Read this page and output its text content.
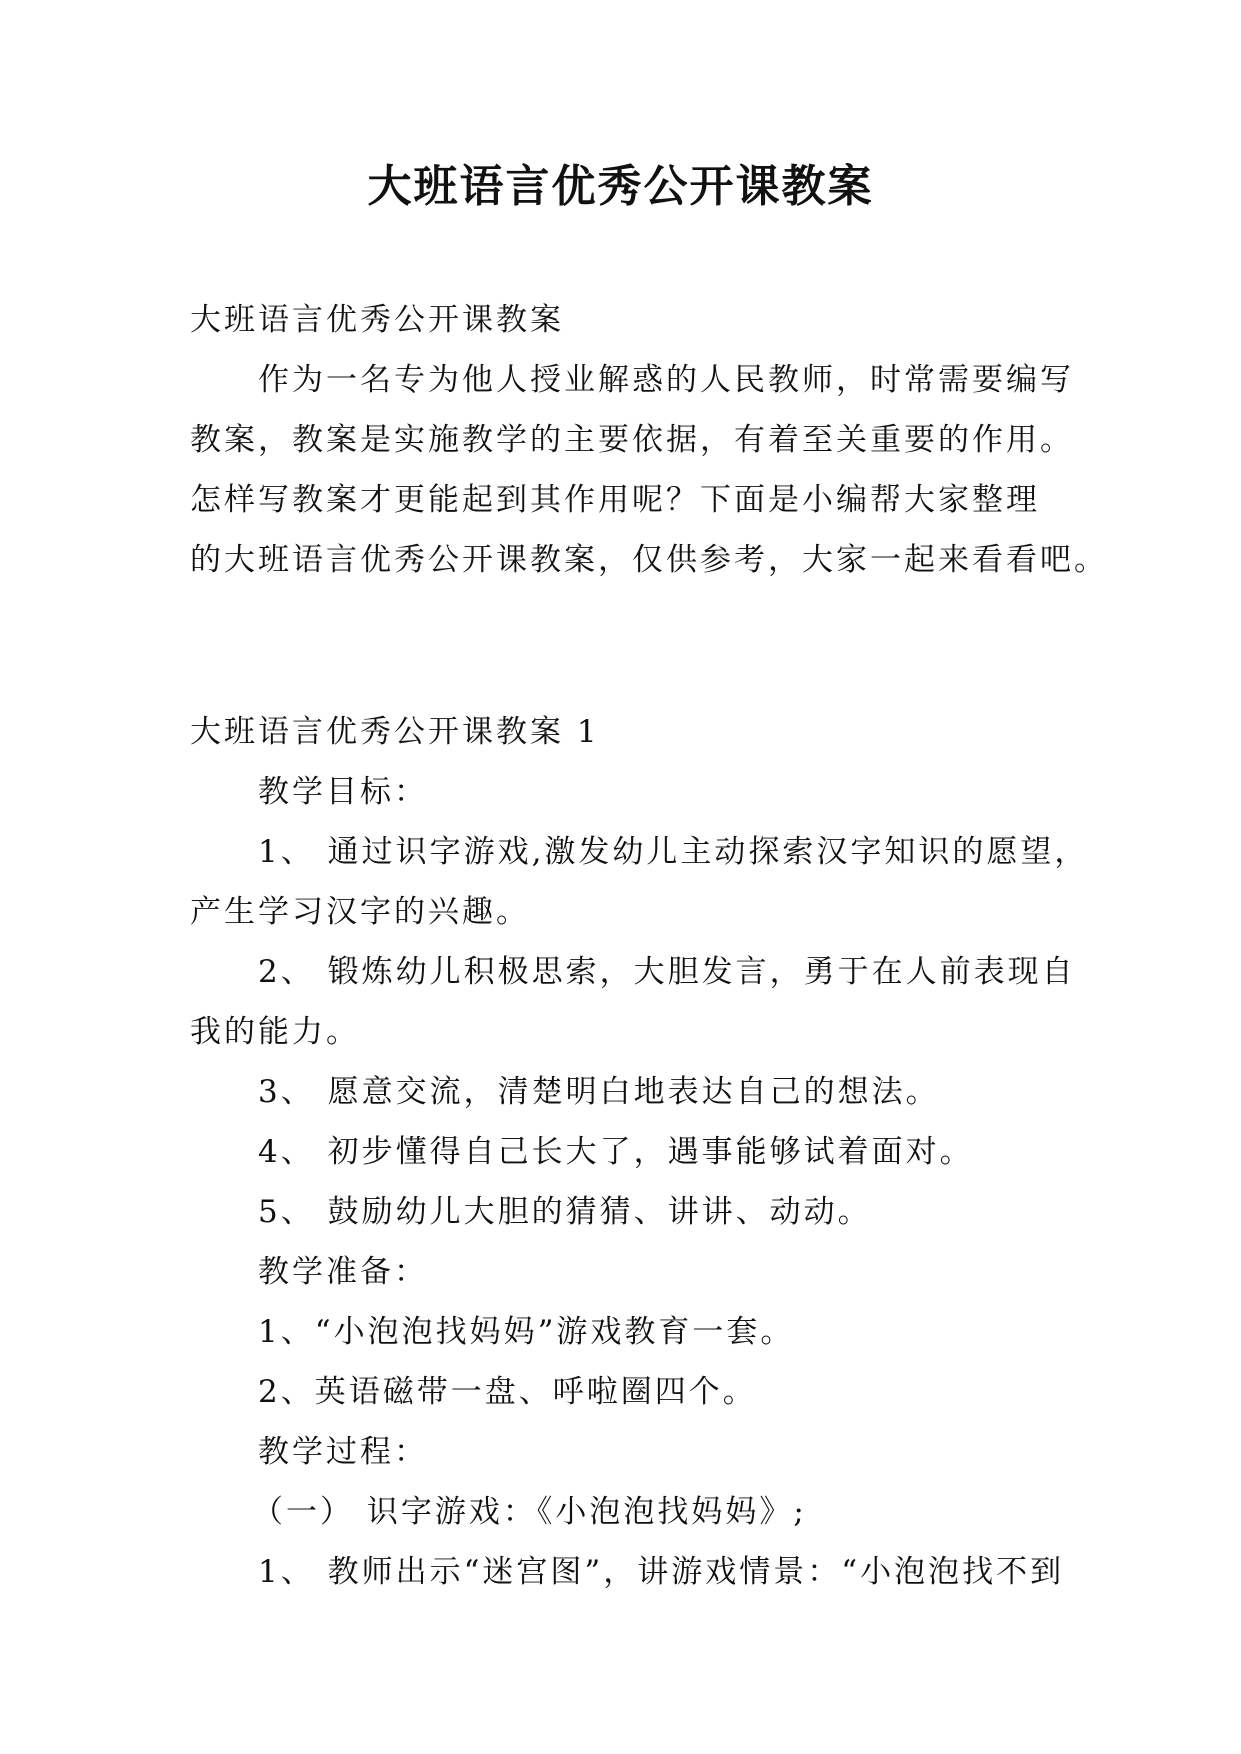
大班语言优秀公开课教案
大班语言优秀公开课教案
作为一名专为他人授业解惑的人民教师，时常需要编写
教案，教案是实施教学的主要依据，有着至关重要的作用。
怎样写教案才更能起到其作用呢？下面是小编帮大家整理
的大班语言优秀公开课教案，仅供参考，大家一起来看看吧。
大班语言优秀公开课教案 1
教学目标：
1、 通过识字游戏,激发幼儿主动探索汉字知识的愿望，
产生学习汉字的兴趣。
2、 锻炼幼儿积极思索，大胆发言，勇于在人前表现自
我的能力。
3、 愿意交流，清楚明白地表达自己的想法。
4、 初步懂得自己长大了，遇事能够试着面对。
5、 鼓励幼儿大胆的猜猜、讲讲、动动。
教学准备：
1、“小泡泡找妈妈”游戏教育一套。
2、英语磁带一盘、呼啦圈四个。
教学过程：
（一） 识字游戏：《小泡泡找妈妈》;
1、 教师出示“迷宫图”，讲游戏情景：“小泡泡找不到
